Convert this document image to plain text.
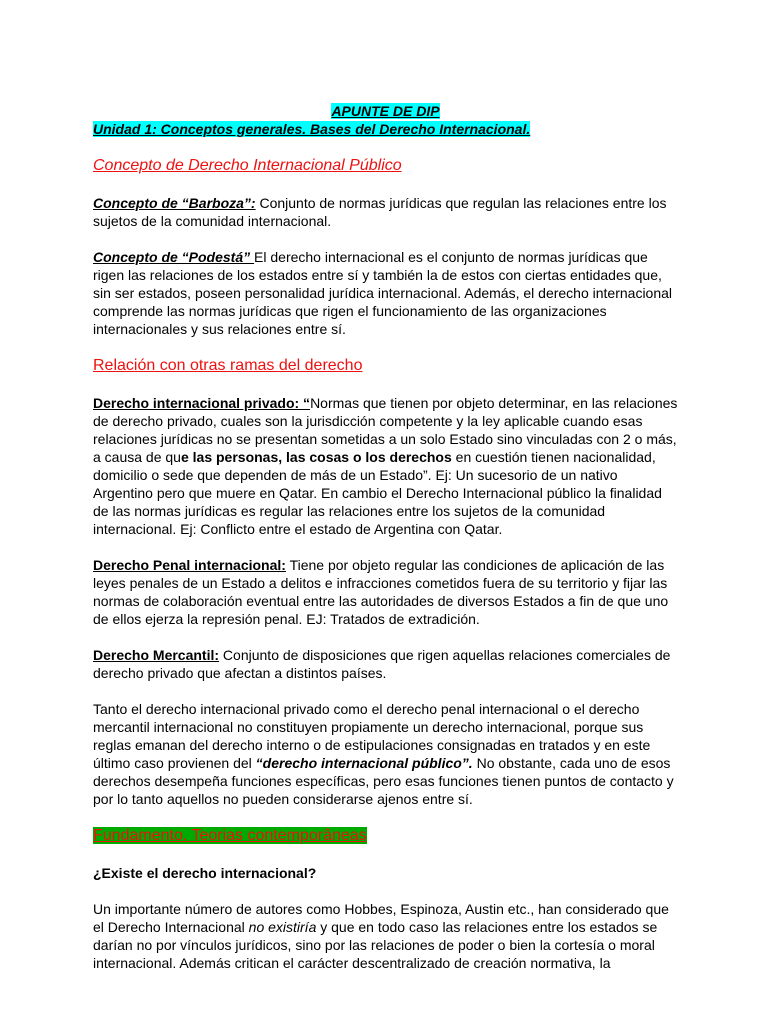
APUNTE DE DIP
Unidad 1: Conceptos generales. Bases del Derecho Internacional.
Concepto de Derecho Internacional Público

Concepto de “Barboza”: Conjunto de normas jurídicas que regulan las relaciones entre los sujetos de la comunidad internacional.

Concepto de “Podestá” El derecho internacional es el conjunto de normas jurídicas que rigen las relaciones de los estados entre sí y también la de estos con ciertas entidades que, sin ser estados, poseen personalidad jurídica internacional. Además, el derecho internacional comprende las normas jurídicas que rigen el funcionamiento de las organizaciones internacionales y sus relaciones entre sí.

Relación con otras ramas del derecho

Derecho internacional privado: “Normas que tienen por objeto determinar, en las relaciones de derecho privado, cuales son la jurisdicción competente y la ley aplicable cuando esas relaciones jurídicas no se presentan sometidas a un solo Estado sino vinculadas con 2 o más, a causa de que las personas, las cosas o los derechos en cuestión tienen nacionalidad, domicilio o sede que dependen de más de un Estado”. Ej: Un sucesorio de un nativo Argentino pero que muere en Qatar. En cambio el Derecho Internacional público la finalidad de las normas jurídicas es regular las relaciones entre los sujetos de la comunidad internacional. Ej: Conflicto entre el estado de Argentina con Qatar.

Derecho Penal internacional: Tiene por objeto regular las condiciones de aplicación de las leyes penales de un Estado a delitos e infracciones cometidos fuera de su territorio y fijar las normas de colaboración eventual entre las autoridades de diversos Estados a fin de que uno de ellos ejerza la represión penal. EJ: Tratados de extradición.

Derecho Mercantil: Conjunto de disposiciones que rigen aquellas relaciones comerciales de derecho privado que afectan a distintos países.

Tanto el derecho internacional privado como el derecho penal internacional o el derecho mercantil internacional no constituyen propiamente un derecho internacional, porque sus reglas emanan del derecho interno o de estipulaciones consignadas en tratados y en este último caso provienen del “derecho internacional público”. No obstante, cada uno de esos derechos desempeña funciones específicas, pero esas funciones tienen puntos de contacto y por lo tanto aquellos no pueden considerarse ajenos entre sí.

Fundamento. Teorias contemporâneas

¿Existe el derecho internacional?

Un importante número de autores como Hobbes, Espinoza, Austin etc., han considerado que el Derecho Internacional no existiría y que en todo caso las relaciones entre los estados se darían no por vínculos jurídicos, sino por las relaciones de poder o bien la cortesía o moral internacional. Además critican el carácter descentralizado de creación normativa, la
